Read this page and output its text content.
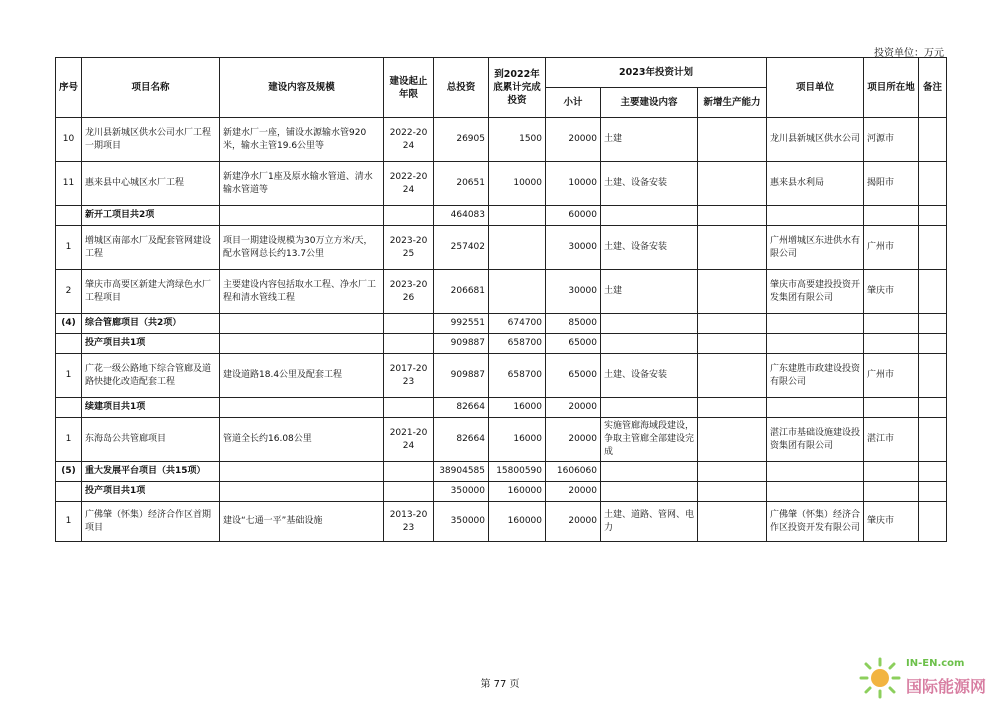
投资单位：万元
序号	项目名称	建设内容及规模	建设起止年限	总投资	到2022年底累计完成投资	2023年投资计划			项目单位	项目所在地	备注
						小计	主要建设内容	新增生产能力			
10	龙川县新城区供水公司水厂工程一期项目	新建水厂一座，铺设水源输水管920米，输水主管19.6公里等	2022-2024	26905	1500	20000	土建		龙川县新城区供水公司	河源市	
11	惠来县中心城区水厂工程	新建净水厂1座及原水输水管道、清水输水管道等	2022-2024	20651	10000	10000	土建、设备安装		惠来县水利局	揭阳市	
	新开工项目共2项			464083		60000					
1	增城区南部水厂及配套管网建设工程	项目一期建设规模为30万立方米/天，配水管网总长约13.7公里	2023-2025	257402		30000	土建、设备安装		广州增城区东进供水有限公司	广州市	
2	肇庆市高要区新建大湾绿色水厂工程项目	主要建设内容包括取水工程、净水厂工程和清水管线工程	2023-2026	206681		30000	土建		肇庆市高要建投投资开发集团有限公司	肇庆市	
(4)	综合管廊项目（共2项）			992551	674700	85000					
	投产项目共1项			909887	658700	65000					
1	广花一级公路地下综合管廊及道路快捷化改造配套工程	建设道路18.4公里及配套工程	2017-2023	909887	658700	65000	土建、设备安装		广东建胜市政建设投资有限公司	广州市	
	续建项目共1项			82664	16000	20000					
1	东海岛公共管廊项目	管道全长约16.08公里	2021-2024	82664	16000	20000	实施管廊海域段建设，争取主管廊全部建设完成		湛江市基础设施建设投资集团有限公司	湛江市	
(5)	重大发展平台项目（共15项）			38904585	15800590	1606060					
	投产项目共1项			350000	160000	20000					
1	广佛肇（怀集）经济合作区首期项目	建设“七通一平”基础设施	2013-2023	350000	160000	20000	土建、道路、管网、电力		广佛肇（怀集）经济合作区投资开发有限公司	肇庆市	
第 77 页
IN-EN.com
国际能源网
